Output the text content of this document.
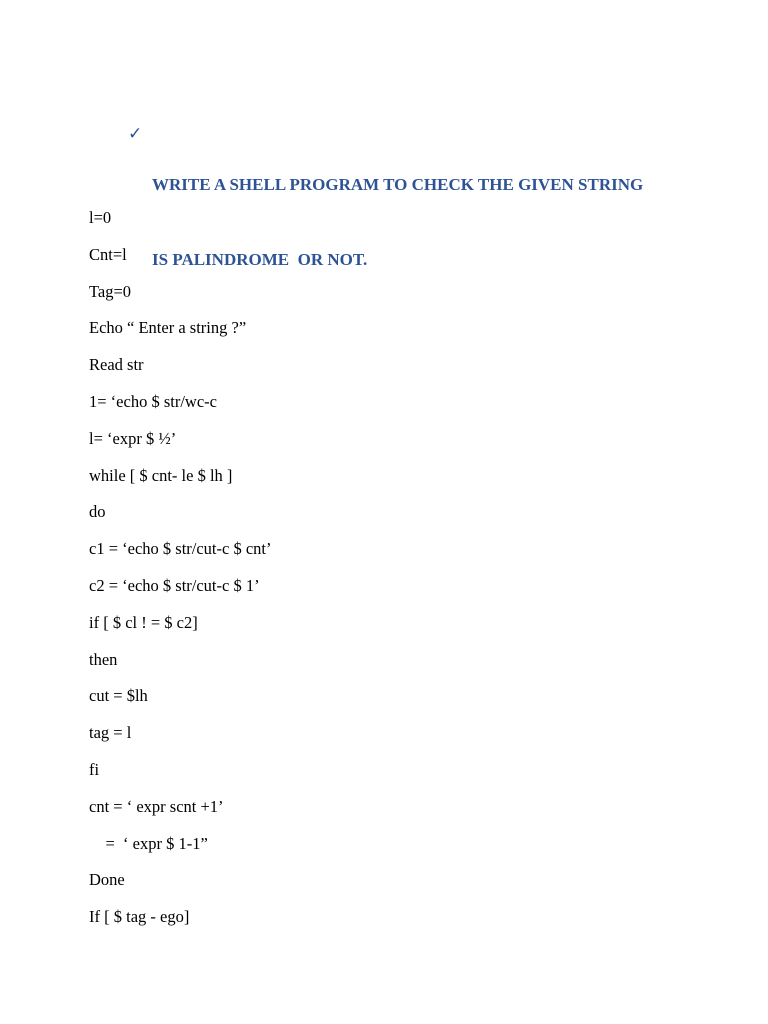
✓

WRITE A SHELL PROGRAM TO CHECK THE GIVEN STRING

IS PALINDROME  OR NOT.

l=0
Cnt=l
Tag=0
Echo “ Enter a string ?”
Read str
1= ‘echo $ str/wc-c
l= ‘expr $ ½’
while [ $ cnt- le $ lh ]
do
c1 = ‘echo $ str/cut-c $ cnt’
c2 = ‘echo $ str/cut-c $ 1’
if [ $ cl ! = $ c2]
then
cut = $lh
tag = l
fi
cnt = ‘ expr scnt +1’
=  ‘ expr $ 1-1”
Done
If [ $ tag - ego]
